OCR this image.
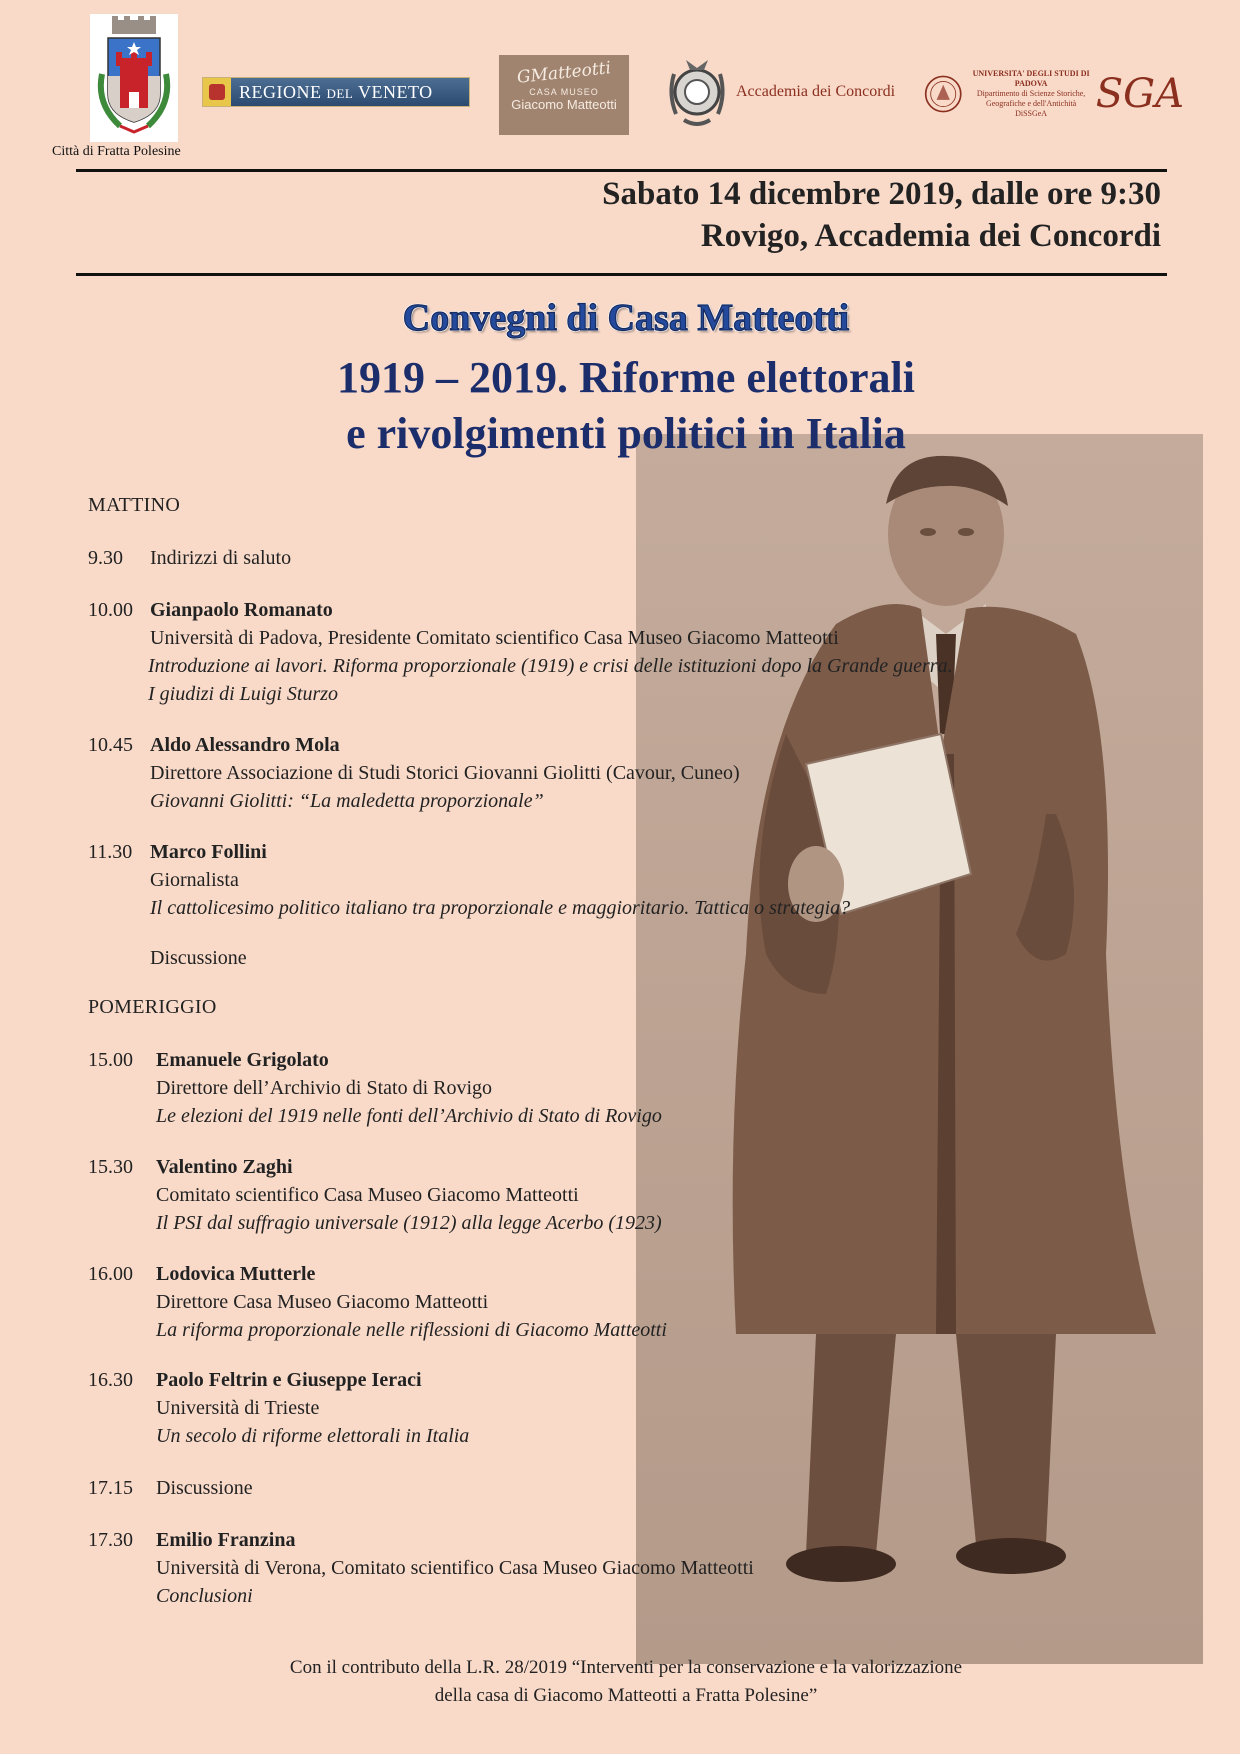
Città di Fratta Polesine
REGIONE DEL VENETO
GMatteotti
CASA MUSEO
Giacomo Matteotti
Accademia dei Concordi
UNIVERSITA' DEGLI STUDI DI PADOVA
Dipartimento di Scienze Storiche,
Geografiche e dell'Antichità
DiSSGeA	SGA
Sabato 14 dicembre 2019, dalle ore 9:30
Rovigo, Accademia dei Concordi
Convegni di Casa Matteotti
1919 – 2019. Riforme elettorali
e rivolgimenti politici in Italia
MATTINO
9.30 Indirizzi di saluto
10.00 Gianpaolo Romanato
Università di Padova, Presidente Comitato scientifico Casa Museo Giacomo Matteotti
Introduzione ai lavori. Riforma proporzionale (1919) e crisi delle istituzioni dopo la Grande guerra.
I giudizi di Luigi Sturzo
10.45 Aldo Alessandro Mola
Direttore Associazione di Studi Storici Giovanni Giolitti (Cavour, Cuneo)
Giovanni Giolitti: “La maledetta proporzionale”
11.30 Marco Follini
Giornalista
Il cattolicesimo politico italiano tra proporzionale e maggioritario. Tattica o strategia?
Discussione
POMERIGGIO
15.00 Emanuele Grigolato
Direttore dell’Archivio di Stato di Rovigo
Le elezioni del 1919 nelle fonti dell’Archivio di Stato di Rovigo
15.30 Valentino Zaghi
Comitato scientifico Casa Museo Giacomo Matteotti
Il PSI dal suffragio universale (1912) alla legge Acerbo (1923)
16.00 Lodovica Mutterle
Direttore Casa Museo Giacomo Matteotti
La riforma proporzionale nelle riflessioni di Giacomo Matteotti
16.30 Paolo Feltrin e Giuseppe Ieraci
Università di Trieste
Un secolo di riforme elettorali in Italia
17.15 Discussione
17.30 Emilio Franzina
Università di Verona, Comitato scientifico Casa Museo Giacomo Matteotti
Conclusioni
Con il contributo della L.R. 28/2019 “Interventi per la conservazione e la valorizzazione
della casa di Giacomo Matteotti a Fratta Polesine”
